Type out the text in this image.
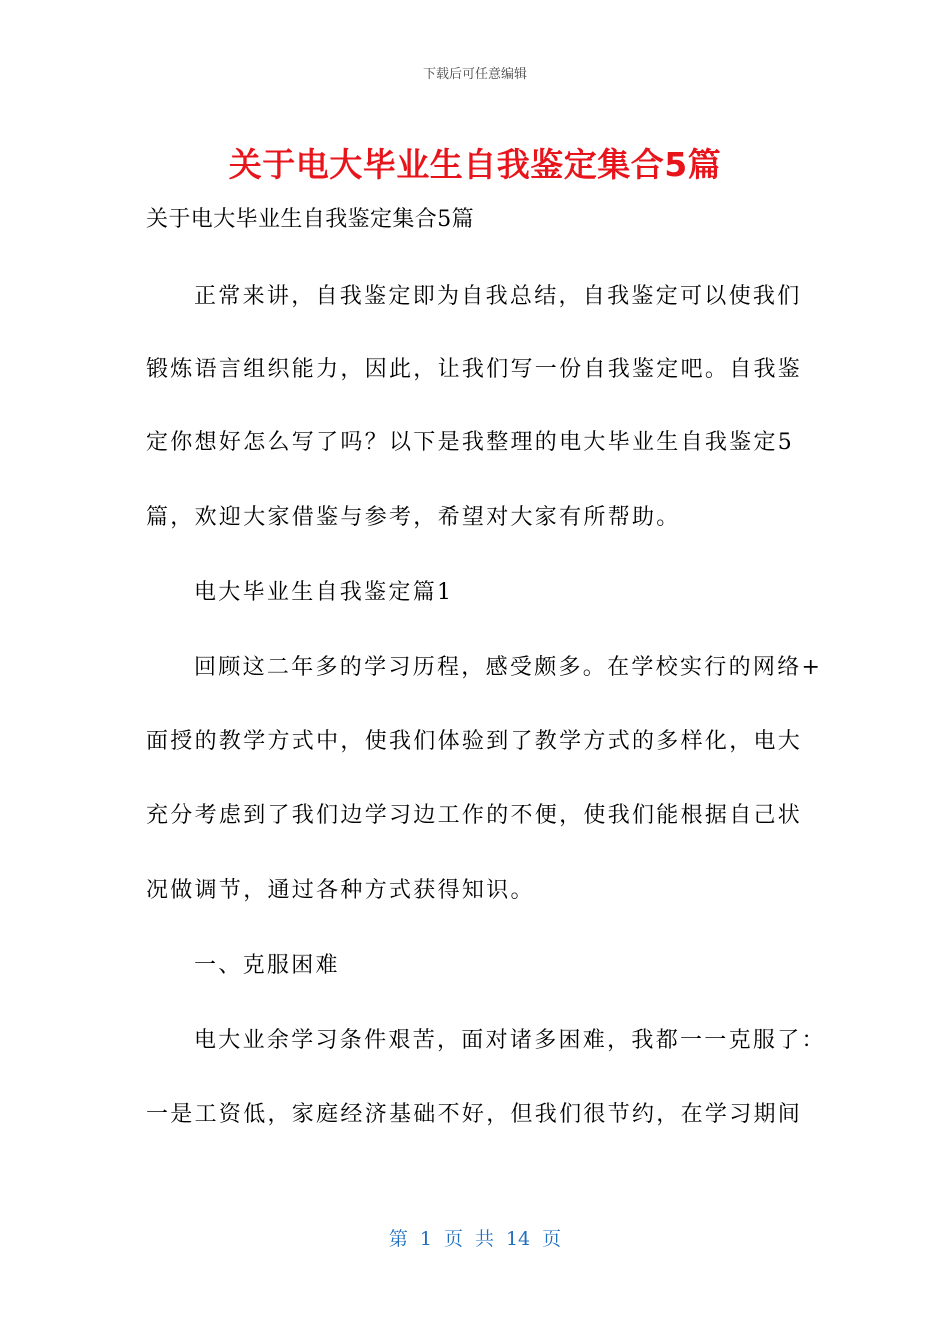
下载后可任意编辑
关于电大毕业生自我鉴定集合5篇
关于电大毕业生自我鉴定集合5篇
正常来讲，自我鉴定即为自我总结，自我鉴定可以使我们
锻炼语言组织能力，因此，让我们写一份自我鉴定吧。自我鉴
定你想好怎么写了吗？以下是我整理的电大毕业生自我鉴定5
篇，欢迎大家借鉴与参考，希望对大家有所帮助。
电大毕业生自我鉴定篇1
回顾这二年多的学习历程，感受颇多。在学校实行的网络+
面授的教学方式中，使我们体验到了教学方式的多样化，电大
充分考虑到了我们边学习边工作的不便，使我们能根据自己状
况做调节，通过各种方式获得知识。
一、克服困难
电大业余学习条件艰苦，面对诸多困难，我都一一克服了：
一是工资低，家庭经济基础不好，但我们很节约，在学习期间
第 1 页 共 14 页
